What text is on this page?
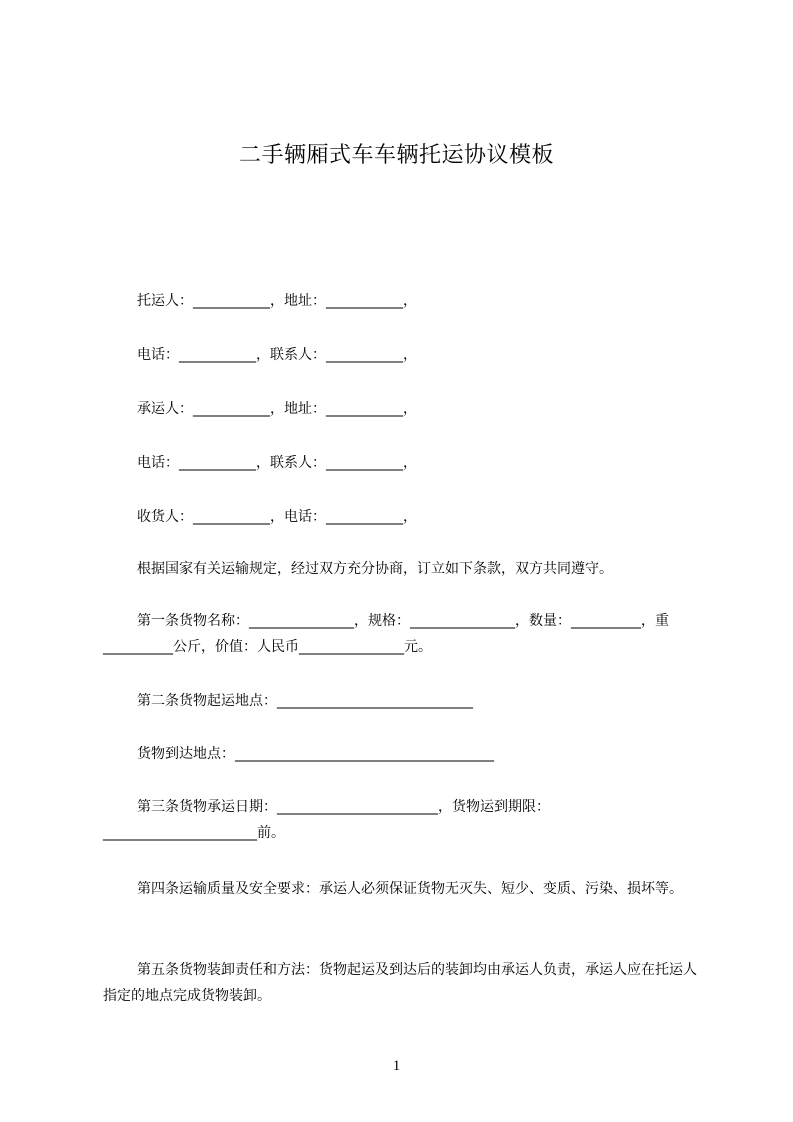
二手辆厢式车车辆托运协议模板
托运人：___________，地址：___________，
电话：___________，联系人：___________，
承运人：___________，地址：___________，
电话：___________，联系人：___________，
收货人：___________，电话：___________，
根据国家有关运输规定，经过双方充分协商，订立如下条款，双方共同遵守。
第一条货物名称：_______________，规格：_______________，数量：__________，重__________公斤，价值：人民币_______________元。
第二条货物起运地点：____________________________
货物到达地点：_____________________________________
第三条货物承运日期：_______________________，货物运到期限：______________________前。
第四条运输质量及安全要求：承运人必须保证货物无灭失、短少、变质、污染、损坏等。
第五条货物装卸责任和方法：货物起运及到达后的装卸均由承运人负责，承运人应在托运人指定的地点完成货物装卸。
1
